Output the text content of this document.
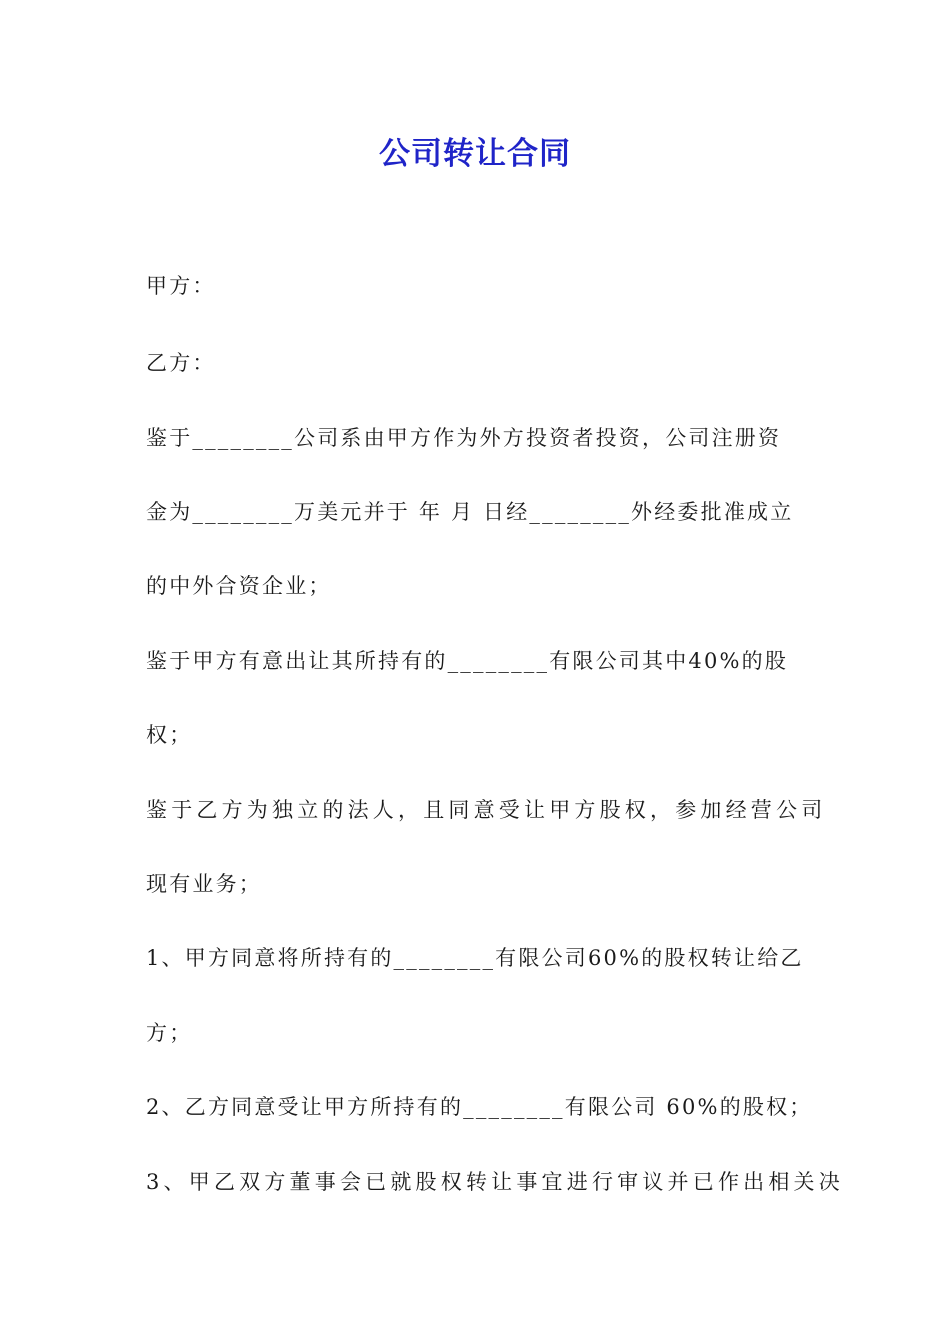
公司转让合同

甲方：

乙方：

鉴于________公司系由甲方作为外方投资者投资，公司注册资

金为________万美元并于 年 月 日经________外经委批准成立

的中外合资企业；

鉴于甲方有意出让其所持有的________有限公司其中40%的股

权；

鉴于乙方为独立的法人，且同意受让甲方股权，参加经营公司

现有业务；

1、甲方同意将所持有的________有限公司60%的股权转让给乙

方；

2、乙方同意受让甲方所持有的________有限公司 60%的股权；

3、甲乙双方董事会已就股权转让事宜进行审议并已作出相关决
